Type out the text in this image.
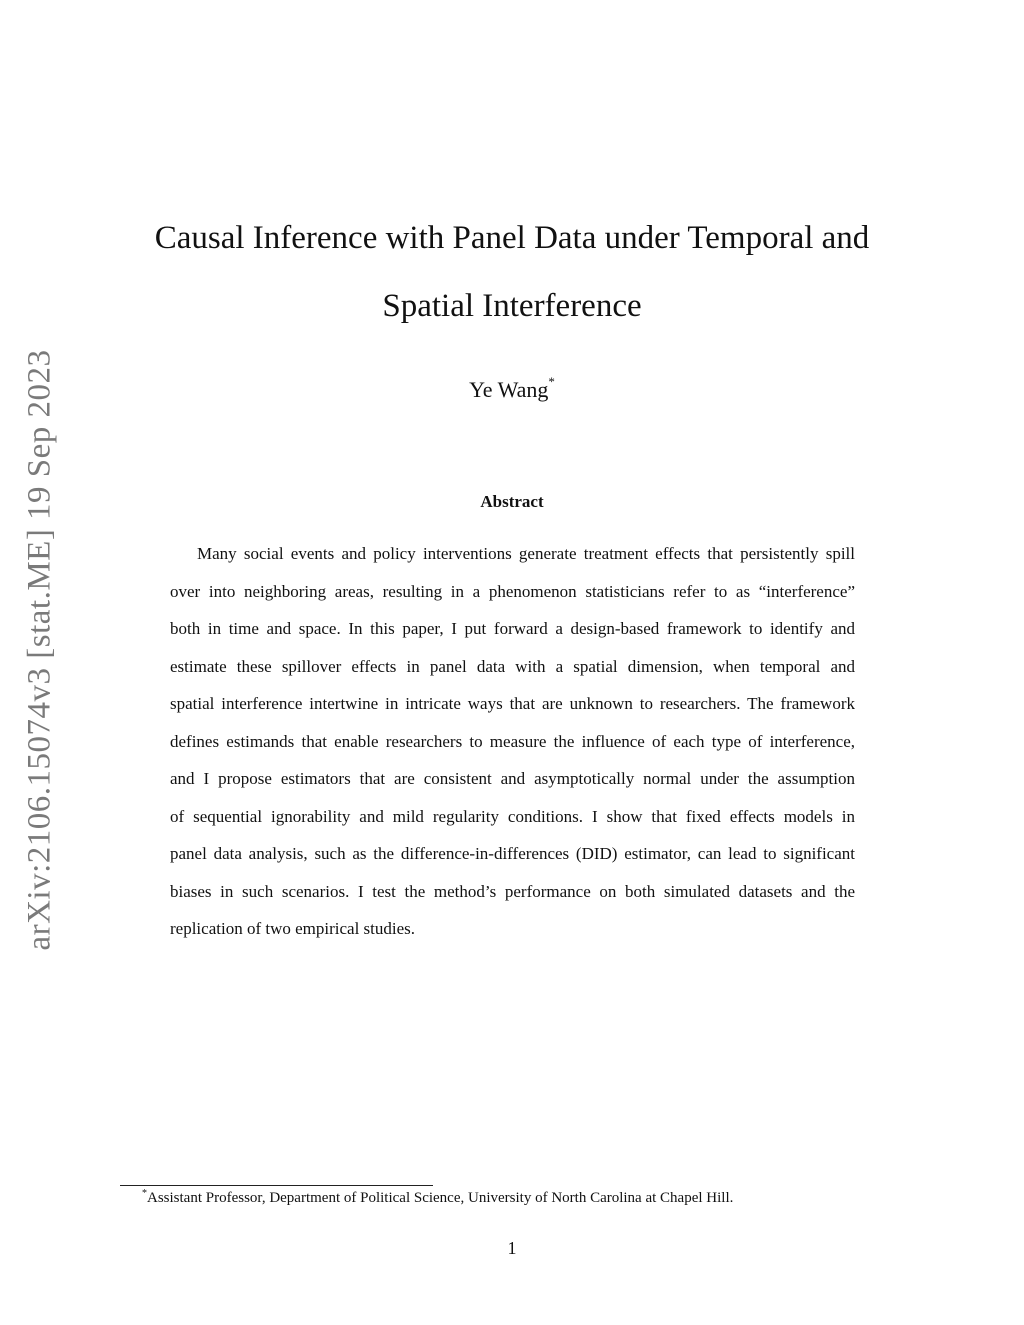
arXiv:2106.15074v3 [stat.ME] 19 Sep 2023
Causal Inference with Panel Data under Temporal and
Spatial Interference
Ye Wang*
Abstract
Many social events and policy interventions generate treatment effects that persistently spill
over into neighboring areas, resulting in a phenomenon statisticians refer to as “interference”
both in time and space. In this paper, I put forward a design-based framework to identify and
estimate these spillover effects in panel data with a spatial dimension, when temporal and
spatial interference intertwine in intricate ways that are unknown to researchers. The framework
defines estimands that enable researchers to measure the influence of each type of interference,
and I propose estimators that are consistent and asymptotically normal under the assumption
of sequential ignorability and mild regularity conditions. I show that fixed effects models in
panel data analysis, such as the difference-in-differences (DID) estimator, can lead to significant
biases in such scenarios. I test the method’s performance on both simulated datasets and the
replication of two empirical studies.
*Assistant Professor, Department of Political Science, University of North Carolina at Chapel Hill.
1
